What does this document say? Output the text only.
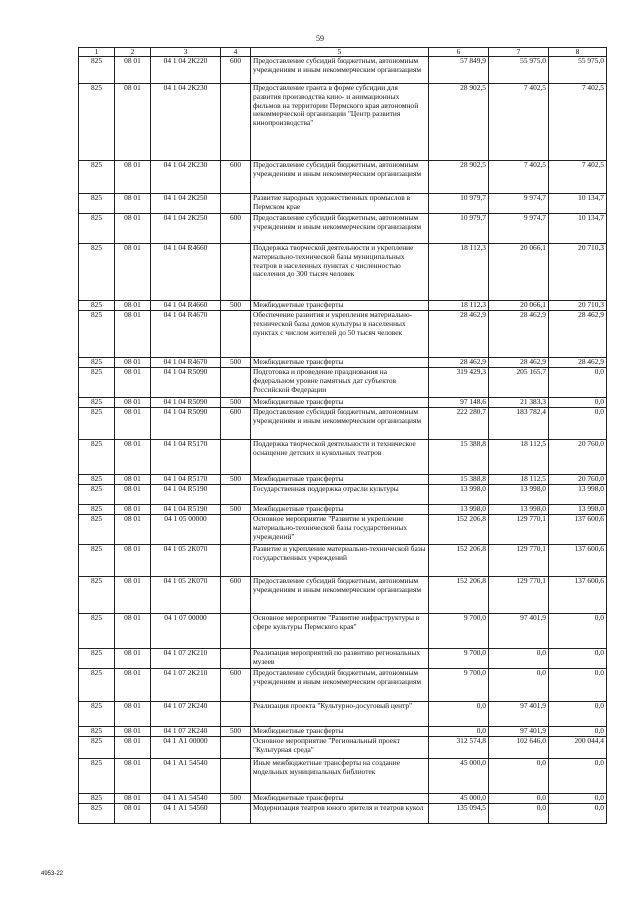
59
1	2	3	4	5	6	7	8
825	08 01	04 1 04 2К220	600	Предоставление субсидий бюджетным, автономным учреждениям и иным некоммерческим организациям	57 849,9	55 975,0	55 975,0
825	08 01	04 1 04 2К230		Предоставление гранта в форме субсидии для развития производства кино- и анимационных фильмов на территории Пермского края автономной некоммерческой организации "Центр развития кинопроизводства"	28 902,5	7 402,5	7 402,5
825	08 01	04 1 04 2К230	600	Предоставление субсидий бюджетным, автономным учреждениям и иным некоммерческим организациям	28 902,5	7 402,5	7 402,5
825	08 01	04 1 04 2К250		Развитие народных художественных промыслов в Пермском крае	10 979,7	9 974,7	10 134,7
825	08 01	04 1 04 2К250	600	Предоставление субсидий бюджетным, автономным учреждениям и иным некоммерческим организациям	10 979,7	9 974,7	10 134,7
825	08 01	04 1 04 R4660		Поддержка творческой деятельности и укрепление материально-технической базы муниципальных театров в населенных пунктах с численностью населения до 300 тысяч человек	18 112,3	20 066,1	20 710,3
825	08 01	04 1 04 R4660	500	Межбюджетные трансферты	18 112,3	20 066,1	20 710,3
825	08 01	04 1 04 R4670		Обеспечение развития и укрепления материально-технической базы домов культуры в населенных пунктах с числом жителей до 50 тысяч человек	28 462,9	28 462,9	28 462,9
825	08 01	04 1 04 R4670	500	Межбюджетные трансферты	28 462,9	28 462,9	28 462,9
825	08 01	04 1 04 R5090		Подготовка и проведение празднования на федеральном уровне памятных дат субъектов Российской Федерации	319 429,3	205 165,7	0,0
825	08 01	04 1 04 R5090	500	Межбюджетные трансферты	97 148,6	21 383,3	0,0
825	08 01	04 1 04 R5090	600	Предоставление субсидий бюджетным, автономным учреждениям и иным некоммерческим организациям	222 280,7	183 782,4	0,0
825	08 01	04 1 04 R5170		Поддержка творческой деятельности и техническое оснащение детских и кукольных театров	15 388,8	18 112,5	20 760,0
825	08 01	04 1 04 R5170	500	Межбюджетные трансферты	15 388,8	18 112,5	20 760,0
825	08 01	04 1 04 R5190		Государственная поддержка отрасли культуры	13 998,0	13 998,0	13 998,0
825	08 01	04 1 04 R5190	500	Межбюджетные трансферты	13 998,0	13 998,0	13 998,0
825	08 01	04 1 05 00000		Основное мероприятие "Развитие и укрепление материально-технической базы государственных учреждений"	152 206,8	129 770,1	137 600,6
825	08 01	04 1 05 2К070		Развитие и укрепление материально-технической базы государственных учреждений	152 206,8	129 770,1	137 600,6
825	08 01	04 1 05 2К070	600	Предоставление субсидий бюджетным, автономным учреждениям и иным некоммерческим организациям	152 206,8	129 770,1	137 600,6
825	08 01	04 1 07 00000		Основное мероприятие "Развитие инфраструктуры в сфере культуры Пермского края"	9 700,0	97 401,9	0,0
825	08 01	04 1 07 2К210		Реализация мероприятий по развитию региональных музеев	9 700,0	0,0	0,0
825	08 01	04 1 07 2К210	600	Предоставление субсидий бюджетным, автономным учреждениям и иным некоммерческим организациям	9 700,0	0,0	0,0
825	08 01	04 1 07 2К240		Реализация проекта "Культурно-досуговый центр"	0,0	97 401,9	0,0
825	08 01	04 1 07 2К240	500	Межбюджетные трансферты	0,0	97 401,9	0,0
825	08 01	04 1 А1 00000		Основное мероприятие "Региональный проект "Культурная среда"	312 574,8	102 646,0	200 044,4
825	08 01	04 1 А1 54540		Иные межбюджетные трансферты на создание модельных муниципальных библиотек	45 000,0	0,0	0,0
825	08 01	04 1 А1 54540	500	Межбюджетные трансферты	45 000,0	0,0	0,0
825	08 01	04 1 А1 54560		Модернизация театров юного зрителя и театров кукол	135 094,5	0,0	0,0
4953-22
